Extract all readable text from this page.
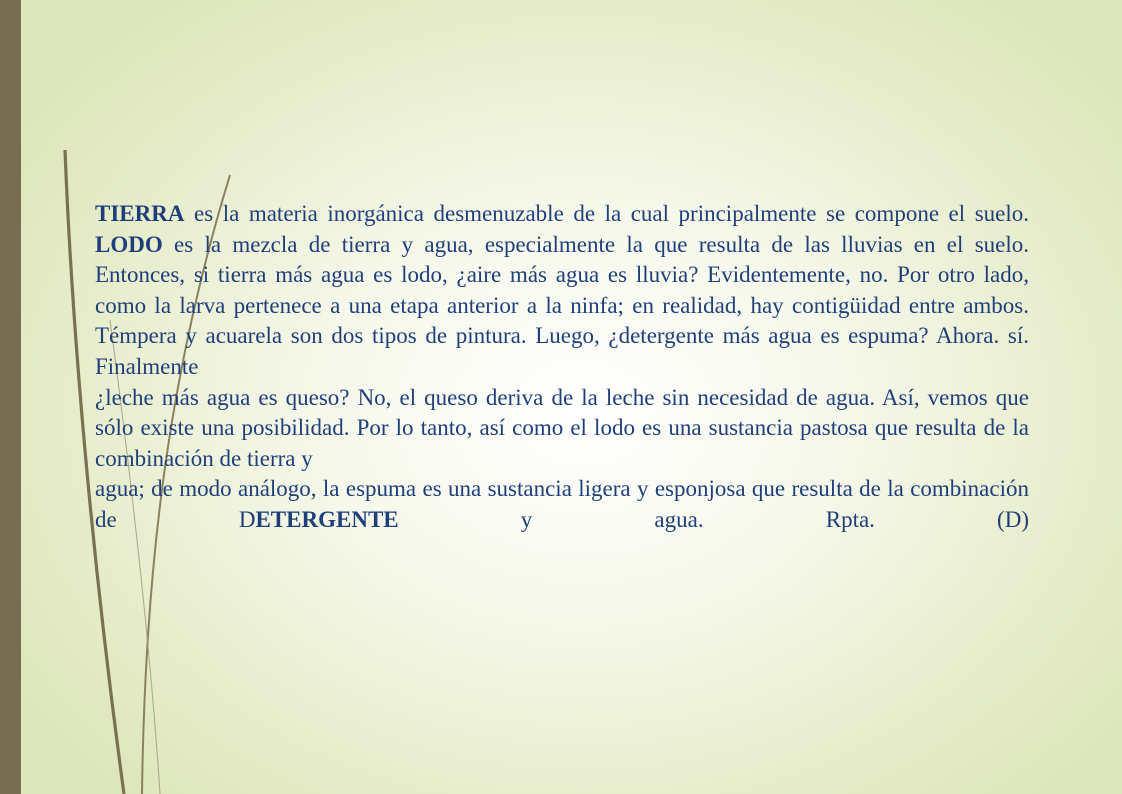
TIERRA es la materia inorgánica desmenuzable de la cual principalmente se compone el suelo. LODO es la mezcla de tierra y agua, especialmente la que resulta de las lluvias en el suelo. Entonces, si tierra más agua es lodo, ¿aire más agua es lluvia? Evidentemente, no. Por otro lado, como la larva pertenece a una etapa anterior a la ninfa; en realidad, hay contigüidad entre ambos. Témpera y acuarela son dos tipos de pintura. Luego, ¿detergente más agua es espuma? Ahora. sí. Finalmente
¿leche más agua es queso? No, el queso deriva de la leche sin necesidad de agua. Así, vemos que sólo existe una posibilidad. Por lo tanto, así como el lodo es una sustancia pastosa que resulta de la combinación de tierra y
agua; de modo análogo, la espuma es una sustancia ligera y esponjosa que resulta de la combinación de DETERGENTE y agua. Rpta. (D)
